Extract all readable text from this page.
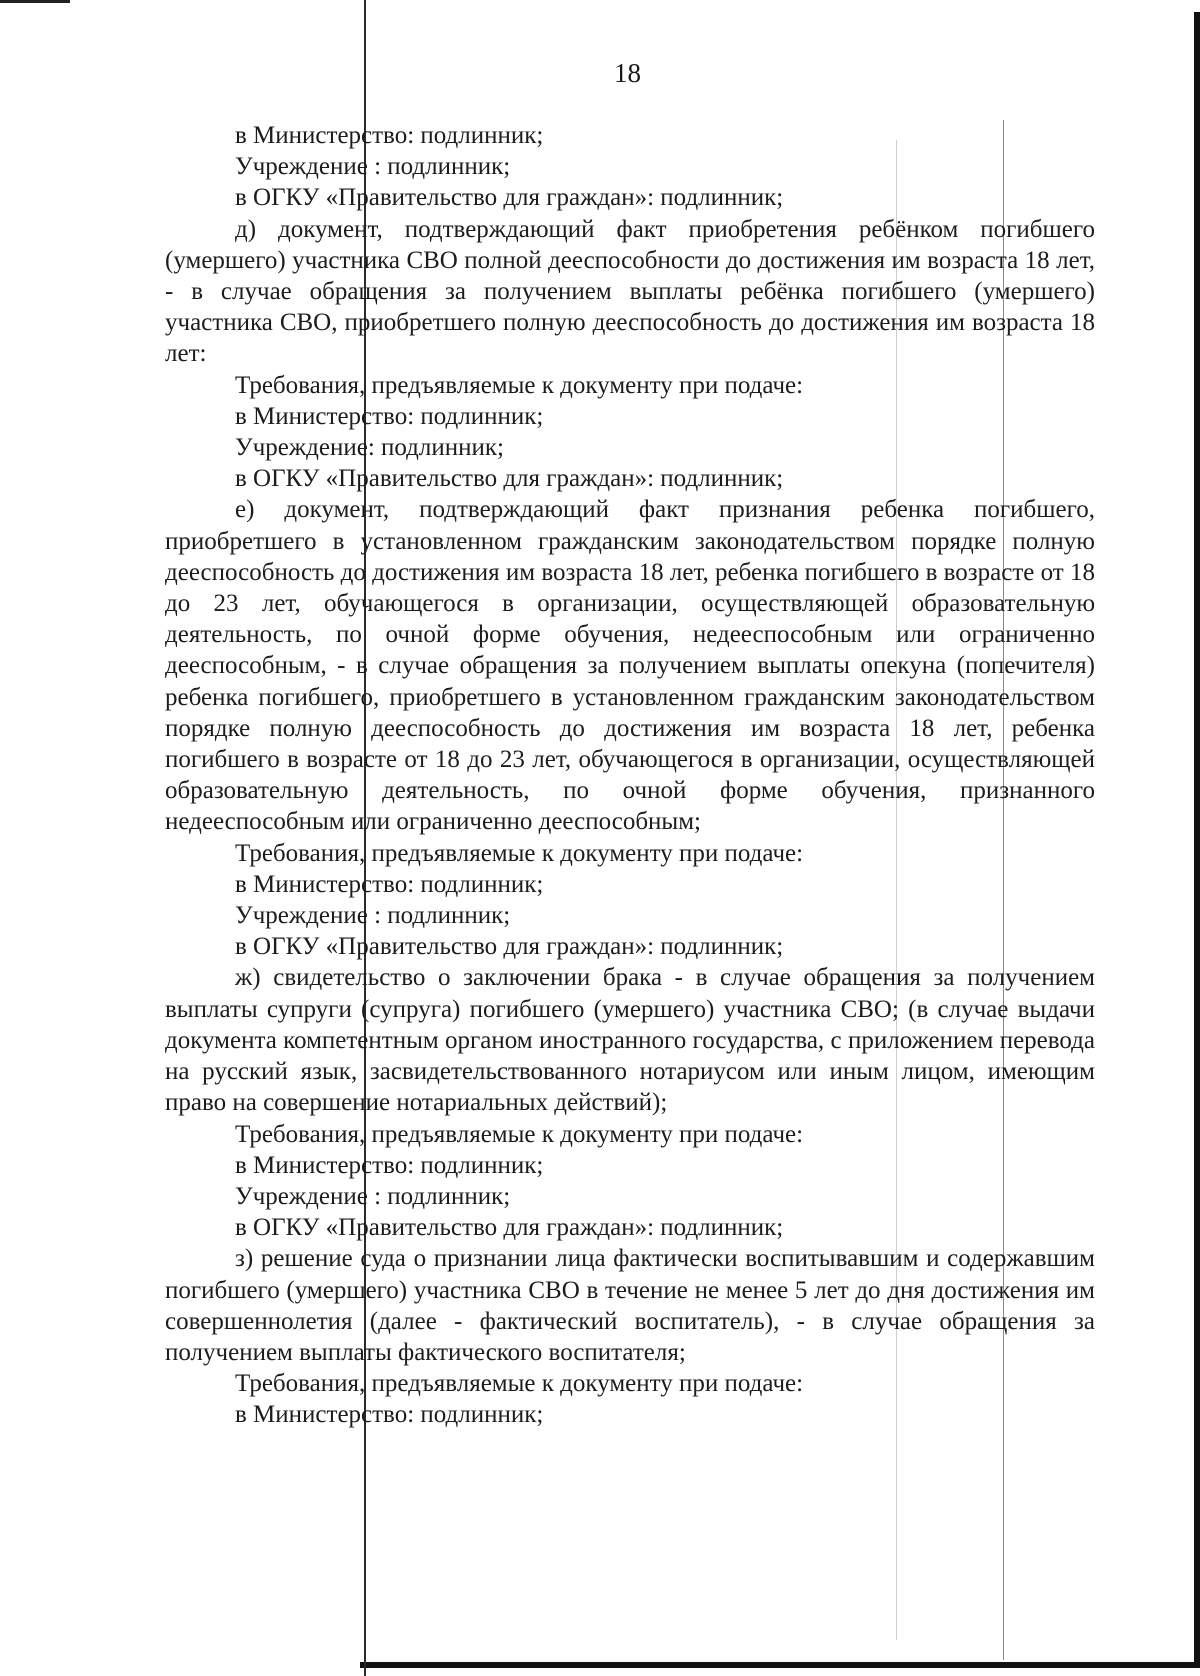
18

в Министерство: подлинник;

Учреждение : подлинник;

в ОГКУ «Правительство для граждан»: подлинник;

д) документ, подтверждающий факт приобретения ребёнком погибшего (умершего) участника СВО полной дееспособности до достижения им возраста 18 лет, - в случае обращения за получением выплаты ребёнка погибшего (умершего) участника СВО, приобретшего полную дееспособность до достижения им возраста 18 лет:

Требования, предъявляемые к документу при подаче:

в Министерство: подлинник;

Учреждение: подлинник;

в ОГКУ «Правительство для граждан»: подлинник;

е) документ, подтверждающий факт признания ребенка погибшего, приобретшего в установленном гражданским законодательством порядке полную дееспособность до достижения им возраста 18 лет, ребенка погибшего в возрасте от 18 до 23 лет, обучающегося в организации, осуществляющей образовательную деятельность, по очной форме обучения, недееспособным или ограниченно дееспособным, - в случае обращения за получением выплаты опекуна (попечителя) ребенка погибшего, приобретшего в установленном гражданским законодательством порядке полную дееспособность до достижения им возраста 18 лет, ребенка погибшего в возрасте от 18 до 23 лет, обучающегося в организации, осуществляющей образовательную деятельность, по очной форме обучения, признанного недееспособным или ограниченно дееспособным;

Требования, предъявляемые к документу при подаче:

в Министерство: подлинник;

Учреждение : подлинник;

в ОГКУ «Правительство для граждан»: подлинник;

ж) свидетельство о заключении брака - в случае обращения за получением выплаты супруги (супруга) погибшего (умершего) участника СВО; (в случае выдачи документа компетентным органом иностранного государства, с приложением перевода на русский язык, засвидетельствованного нотариусом или иным лицом, имеющим право на совершение нотариальных действий);

Требования, предъявляемые к документу при подаче:

в Министерство: подлинник;

Учреждение : подлинник;

в ОГКУ «Правительство для граждан»: подлинник;

з) решение суда о признании лица фактически воспитывавшим и содержавшим погибшего (умершего) участника СВО в течение не менее 5 лет до дня достижения им совершеннолетия (далее - фактический воспитатель), - в случае обращения за получением выплаты фактического воспитателя;

Требования, предъявляемые к документу при подаче:

в Министерство: подлинник;
